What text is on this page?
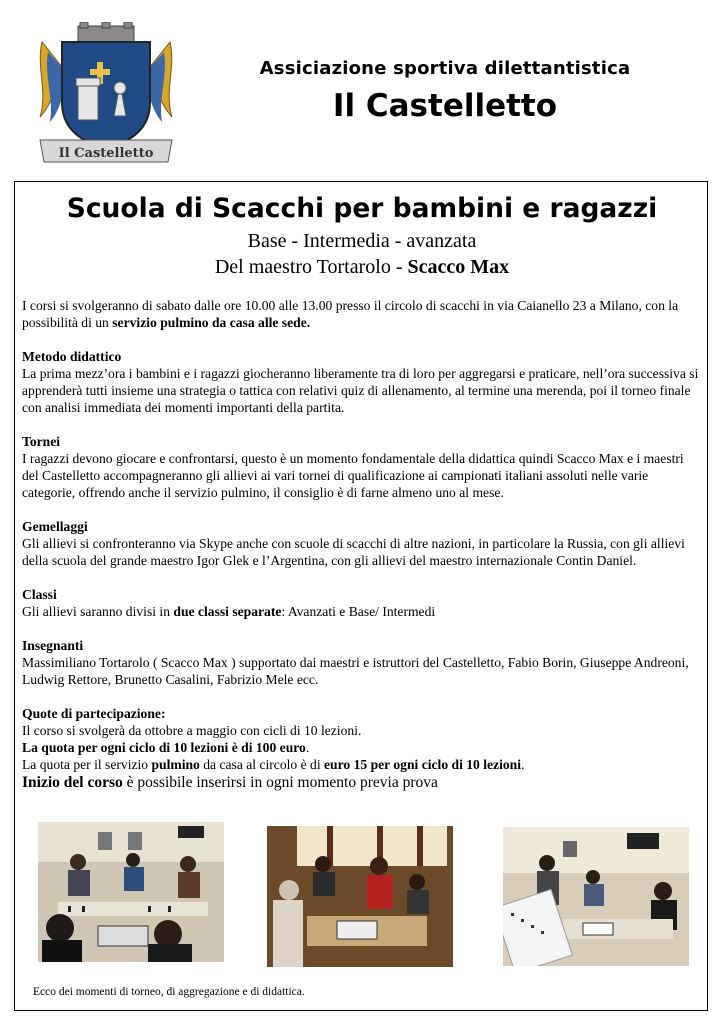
Il Castelletto
Assiciazione sportiva dilettantistica
Il Castelletto
Scuola di Scacchi per bambini e ragazzi
Base - Intermedia - avanzata
Del maestro Tortarolo - Scacco Max

I corsi si svolgeranno di sabato dalle ore 10.00 alle 13.00 presso il circolo di scacchi in via Caianello 23 a Milano, con la possibilità di un servizio pulmino da casa alle sede.

Metodo didattico

La prima mezz’ora i bambini e i ragazzi giocheranno liberamente tra di loro per aggregarsi e praticare, nell’ora successiva si apprenderà tutti insieme una strategia o tattica con relativi quiz di allenamento, al termine una merenda, poi il torneo finale con analisi immediata dei momenti importanti della partita.

Tornei

I ragazzi devono giocare e confrontarsi, questo è un momento fondamentale della didattica quindi Scacco Max e i maestri del Castelletto accompagneranno gli allievi ai vari tornei di qualificazione ai campionati italiani assoluti nelle varie categorie, offrendo anche il servizio pulmino, il consiglio è di farne almeno uno al mese.

Gemellaggi

Gli allievi si confronteranno via Skype anche con scuole di scacchi di altre nazioni, in particolare la Russia, con gli allievi della scuola del grande maestro Igor Glek e l’Argentina, con gli allievi del maestro internazionale Contin Daniel.

Classi

Gli allievi saranno divisi in due classi separate: Avanzati e Base/ Intermedi

Insegnanti

Massimiliano Tortarolo ( Scacco Max ) supportato dai maestri e istruttori del Castelletto, Fabio Borin, Giuseppe Andreoni, Ludwig Rettore, Brunetto Casalini, Fabrizio Mele ecc.

Quote di partecipazione:

Il corso si svolgerà da ottobre a maggio con cicli di 10 lezioni.

La quota per ogni ciclo di 10 lezioni è di 100 euro.

La quota per il servizio pulmino da casa al circolo è di euro 15 per ogni ciclo di 10 lezioni.

Inizio del corso è possibile inserirsi in ogni momento previa prova

Ecco dei momenti di torneo, di aggregazione e di didattica.
